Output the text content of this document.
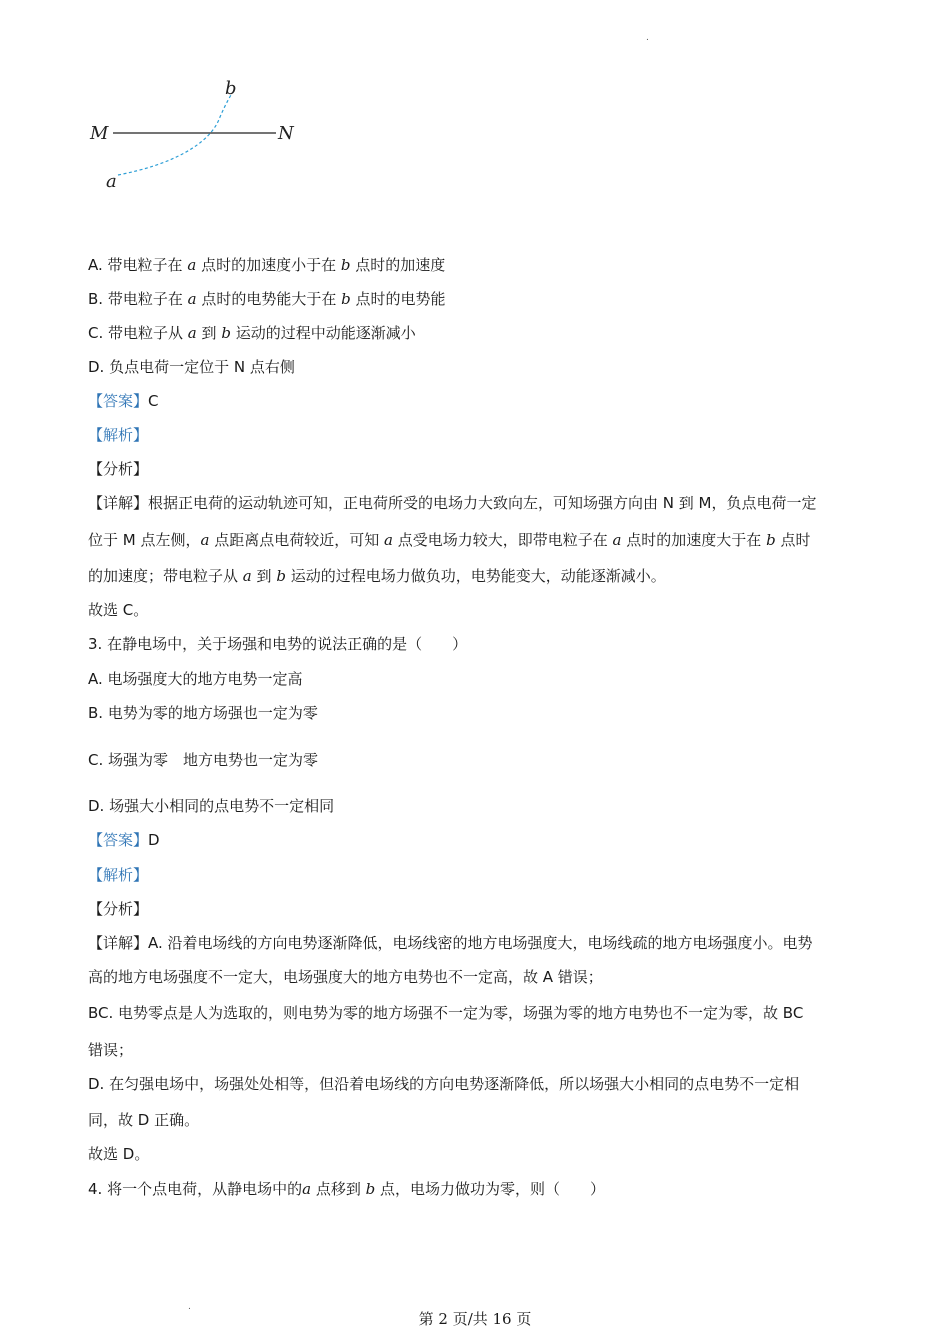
.
b
M	N
a
A. 带电粒子在 a 点时的加速度小于在 b 点时的加速度
B. 带电粒子在 a 点时的电势能大于在 b 点时的电势能
C. 带电粒子从 a 到 b 运动的过程中动能逐渐减小
D. 负点电荷一定位于 N 点右侧
【答案】C
【解析】
【分析】
【详解】根据正电荷的运动轨迹可知，正电荷所受的电场力大致向左，可知场强方向由 N 到 M，负点电荷一定
位于 M 点左侧，a 点距离点电荷较近，可知 a 点受电场力较大，即带电粒子在 a 点时的加速度大于在 b 点时
的加速度；带电粒子从 a 到 b 运动的过程电场力做负功，电势能变大，动能逐渐减小。
故选 C。
3. 在静电场中，关于场强和电势的说法正确的是（　　）
A. 电场强度大的地方电势一定高
B. 电势为零的地方场强也一定为零
C. 场强为零　地方电势也一定为零
D. 场强大小相同的点电势不一定相同
【答案】D
【解析】
【分析】
【详解】A. 沿着电场线的方向电势逐渐降低，电场线密的地方电场强度大，电场线疏的地方电场强度小。电势
高的地方电场强度不一定大，电场强度大的地方电势也不一定高，故 A 错误；
BC. 电势零点是人为选取的，则电势为零的地方场强不一定为零，场强为零的地方电势也不一定为零，故 BC
错误；
D. 在匀强电场中，场强处处相等，但沿着电场线的方向电势逐渐降低，所以场强大小相同的点电势不一定相
同，故 D 正确。
故选 D。
4. 将一个点电荷，从静电场中的a 点移到 b 点，电场力做功为零，则（　　）
.
第 2 页/共 16 页
